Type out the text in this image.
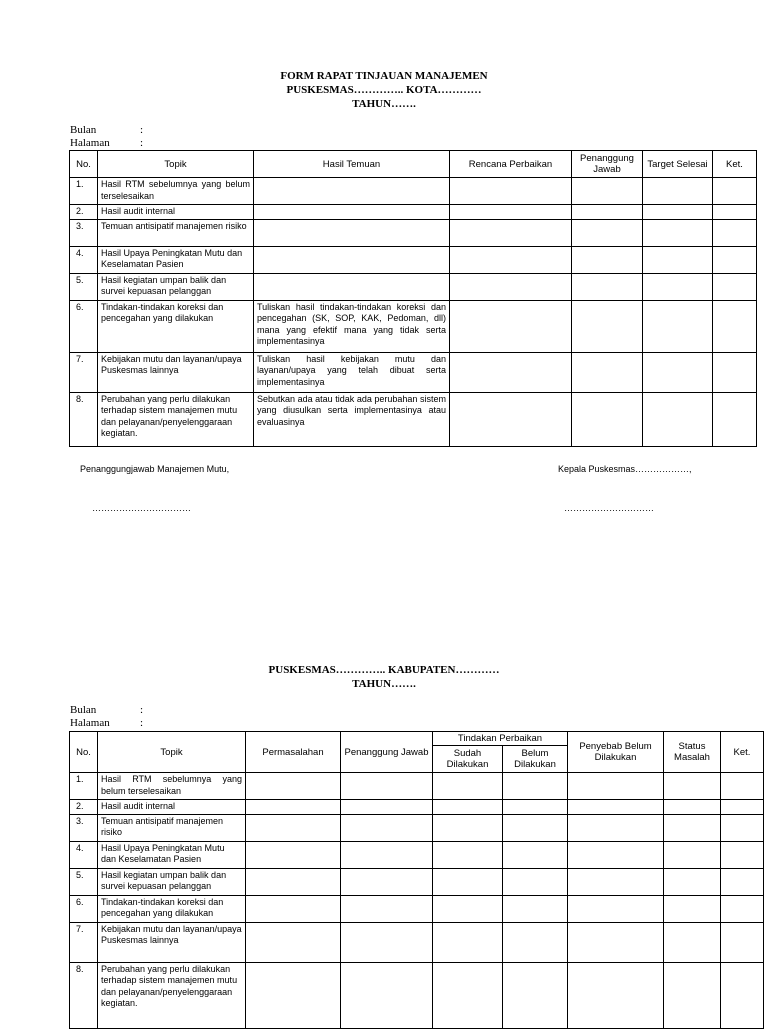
FORM RAPAT TINJAUAN MANAJEMEN
PUSKESMAS………….. KOTA…………
TAHUN…….
Bulan	:
Halaman	:
No.	Topik	Hasil Temuan	Rencana Perbaikan	Penanggung Jawab	Target Selesai	Ket.
1.	Hasil RTM sebelumnya yang belum terselesaikan					
2.	Hasil audit internal					
3.	Temuan antisipatif manajemen risiko					
4.	Hasil Upaya Peningkatan Mutu dan Keselamatan Pasien					
5.	Hasil kegiatan umpan balik dan survei kepuasan pelanggan					
6.	Tindakan-tindakan koreksi dan pencegahan yang dilakukan	Tuliskan hasil tindakan-tindakan koreksi dan pencegahan (SK, SOP, KAK, Pedoman, dll) mana yang efektif mana yang tidak serta implementasinya				
7.	Kebijakan mutu dan layanan/upaya Puskesmas lainnya	Tuliskan hasil kebijakan mutu dan layanan/upaya yang telah dibuat serta implementasinya				
8.	Perubahan yang perlu dilakukan terhadap sistem manajemen mutu dan pelayanan/penyelenggaraan kegiatan.	Sebutkan ada atau tidak ada perubahan sistem yang diusulkan serta implementasinya atau evaluasinya				
Penanggungjawab Manajemen Mutu,	Kepala Puskesmas………………,
……………………………	…………………………
PUSKESMAS………….. KABUPATEN…………
TAHUN…….
Bulan	:
Halaman	:
No.	Topik	Permasalahan	Penanggung Jawab	Tindakan Perbaikan		Penyebab Belum Dilakukan	Status Masalah	Ket.
				Sudah Dilakukan	Belum Dilakukan			
1.	Hasil RTM sebelumnya yang belum terselesaikan							
2.	Hasil audit internal							
3.	Temuan antisipatif manajemen risiko							
4.	Hasil Upaya Peningkatan Mutu dan Keselamatan Pasien							
5.	Hasil kegiatan umpan balik dan survei kepuasan pelanggan							
6.	Tindakan-tindakan koreksi dan pencegahan yang dilakukan							
7.	Kebijakan mutu dan layanan/upaya Puskesmas lainnya							
8.	Perubahan yang perlu dilakukan terhadap sistem manajemen mutu dan pelayanan/penyelenggaraan kegiatan.							
